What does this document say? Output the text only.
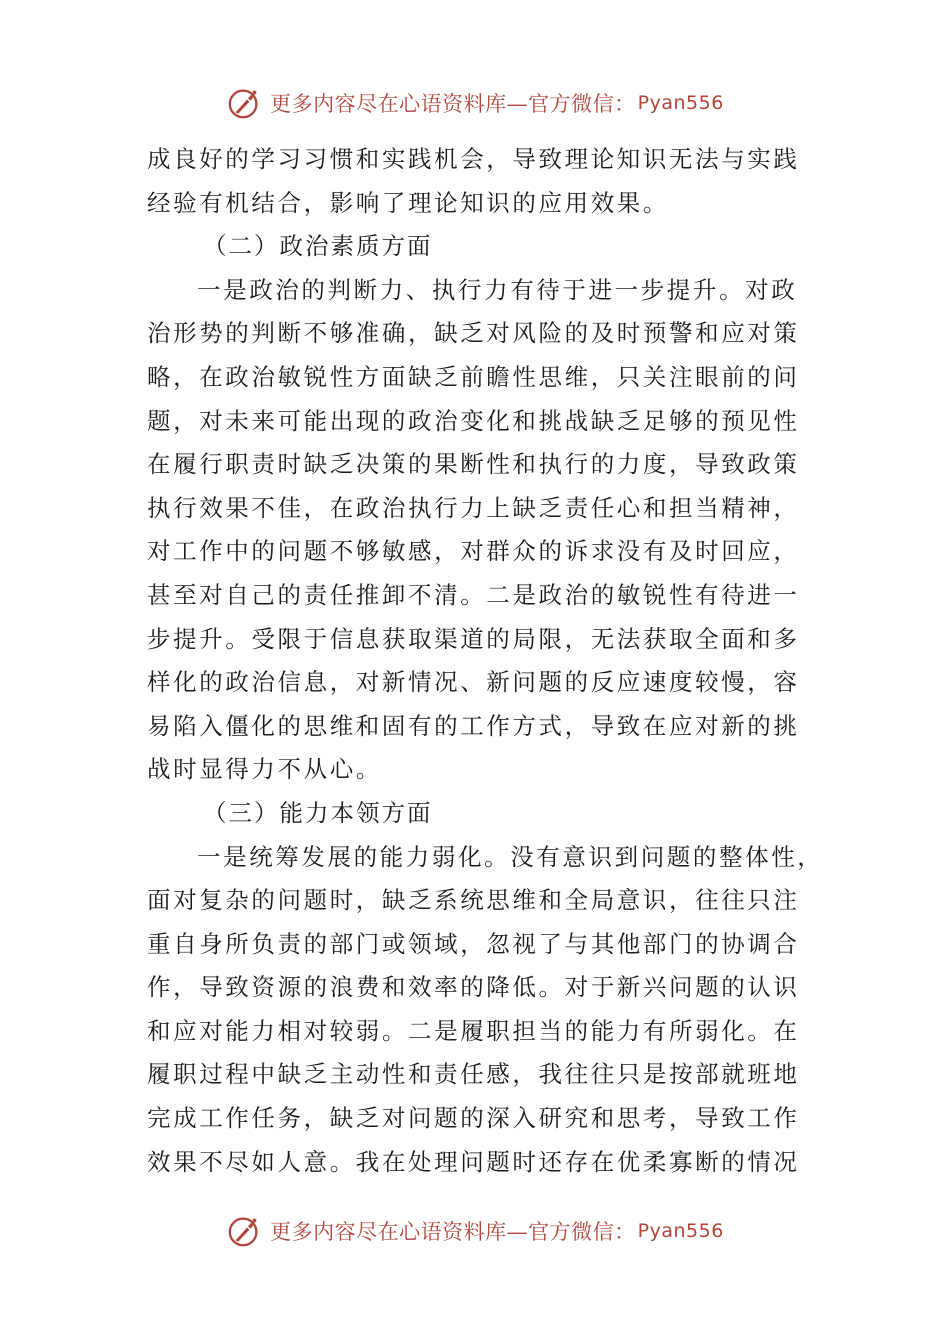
更多内容尽在心语资料库—官方微信： Pyan556
成良好的学习习惯和实践机会，导致理论知识无法与实践
经验有机结合，影响了理论知识的应用效果。
（二）政治素质方面
一是政治的判断力、执行力有待于进一步提升。对政
治形势的判断不够准确，缺乏对风险的及时预警和应对策
略，在政治敏锐性方面缺乏前瞻性思维，只关注眼前的问
题，对未来可能出现的政治变化和挑战缺乏足够的预见性
在履行职责时缺乏决策的果断性和执行的力度，导致政策
执行效果不佳，在政治执行力上缺乏责任心和担当精神，
对工作中的问题不够敏感，对群众的诉求没有及时回应，
甚至对自己的责任推卸不清。二是政治的敏锐性有待进一
步提升。受限于信息获取渠道的局限，无法获取全面和多
样化的政治信息，对新情况、新问题的反应速度较慢，容
易陷入僵化的思维和固有的工作方式，导致在应对新的挑
战时显得力不从心。
（三）能力本领方面
一是统筹发展的能力弱化。没有意识到问题的整体性，
面对复杂的问题时，缺乏系统思维和全局意识，往往只注
重自身所负责的部门或领域，忽视了与其他部门的协调合
作，导致资源的浪费和效率的降低。对于新兴问题的认识
和应对能力相对较弱。二是履职担当的能力有所弱化。在
履职过程中缺乏主动性和责任感，我往往只是按部就班地
完成工作任务，缺乏对问题的深入研究和思考，导致工作
效果不尽如人意。我在处理问题时还存在优柔寡断的情况
更多内容尽在心语资料库—官方微信： Pyan556
